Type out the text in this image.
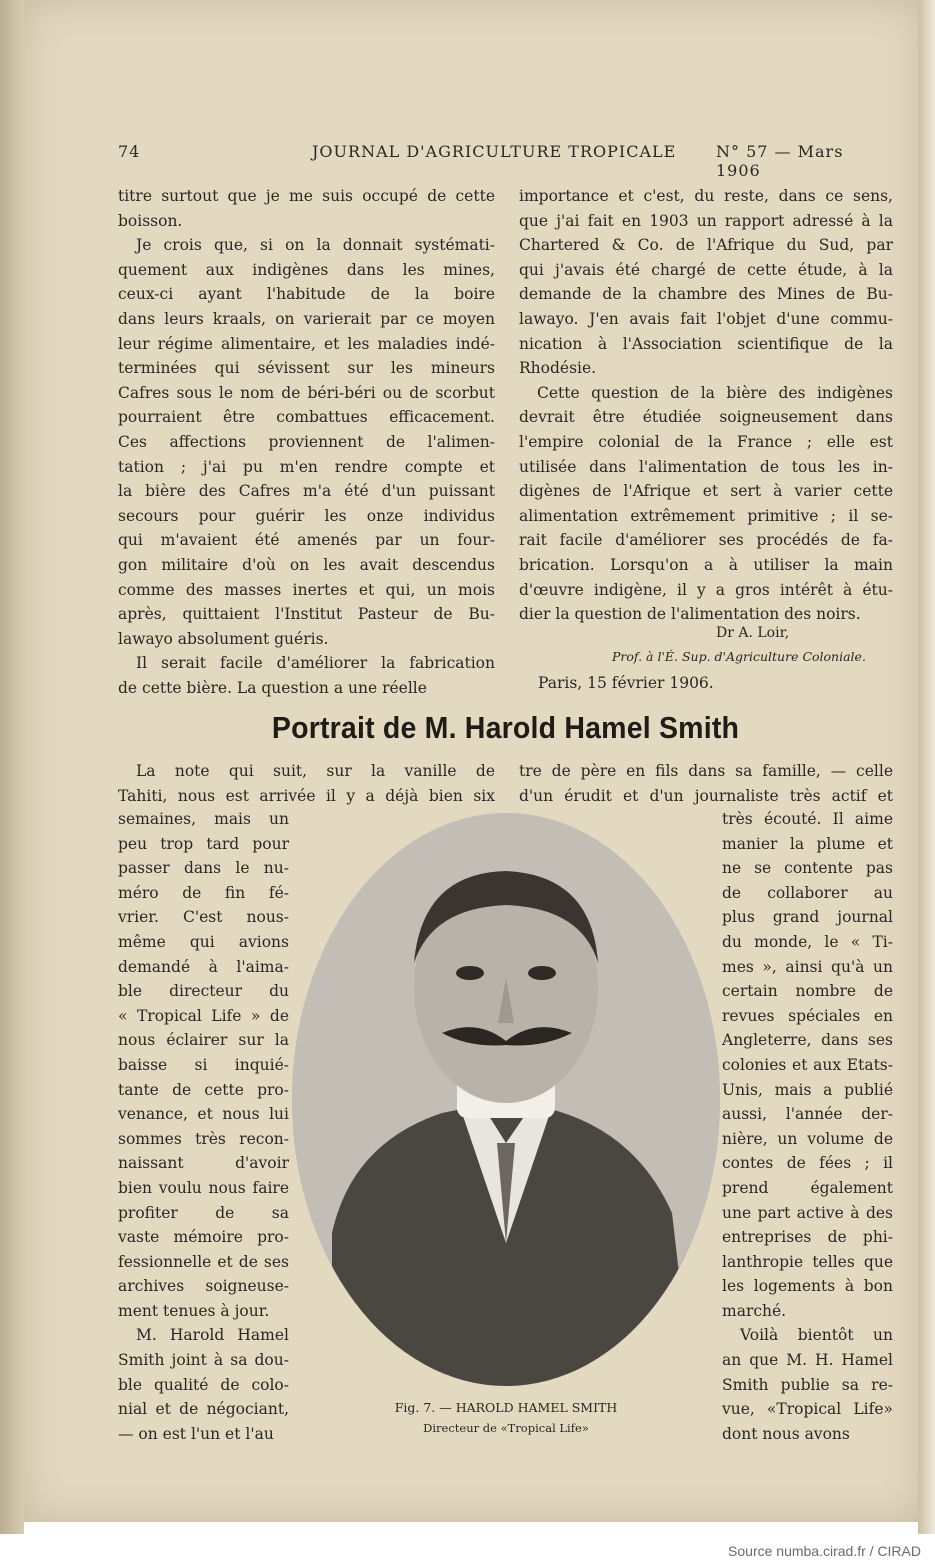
74	JOURNAL D'AGRICULTURE TROPICALE N° 57 — Mars 1906

titre surtout que je me suis occupé de cette

boisson.

Je crois que, si on la donnait systémati-

quement aux indigènes dans les mines,

ceux-ci ayant l'habitude de la boire

dans leurs kraals, on varierait par ce moyen

leur régime alimentaire, et les maladies indé-

terminées qui sévissent sur les mineurs

Cafres sous le nom de béri-béri ou de scorbut

pourraient être combattues efficacement.

Ces affections proviennent de l'alimen-

tation ; j'ai pu m'en rendre compte et

la bière des Cafres m'a été d'un puissant

secours pour guérir les onze individus

qui m'avaient été amenés par un four-

gon militaire d'où on les avait descendus

comme des masses inertes et qui, un mois

après, quittaient l'Institut Pasteur de Bu-

lawayo absolument guéris.

Il serait facile d'améliorer la fabrication

de cette bière. La question a une réelle

importance et c'est, du reste, dans ce sens,

que j'ai fait en 1903 un rapport adressé à la

Chartered & Co. de l'Afrique du Sud, par

qui j'avais été chargé de cette étude, à la

demande de la chambre des Mines de Bu-

lawayo. J'en avais fait l'objet d'une commu-

nication à l'Association scientifique de la

Rhodésie.

Cette question de la bière des indigènes

devrait être étudiée soigneusement dans

l'empire colonial de la France ; elle est

utilisée dans l'alimentation de tous les in-

digènes de l'Afrique et sert à varier cette

alimentation extrêmement primitive ; il se-

rait facile d'améliorer ses procédés de fa-

brication. Lorsqu'on a à utiliser la main

d'œuvre indigène, il y a gros intérêt à étu-

dier la question de l'alimentation des noirs.

Dr A. Loir,
Prof. à l'É. Sup. d'Agriculture Coloniale.
Paris, 15 février 1906.
Portrait de M. Harold Hamel Smith

La note qui suit, sur la vanille de

Tahiti, nous est arrivée il y a déjà bien six

semaines, mais un

peu trop tard pour

passer dans le nu-

méro de fin fé-

vrier. C'est nous-

même qui avions

demandé à l'aima-

ble directeur du

« Tropical Life » de

nous éclairer sur la

baisse si inquié-

tante de cette pro-

venance, et nous lui

sommes très recon-

naissant d'avoir

bien voulu nous faire

profiter de sa

vaste mémoire pro-

fessionnelle et de ses

archives soigneuse-

ment tenues à jour.

M. Harold Hamel

Smith joint à sa dou-

ble qualité de colo-

nial et de négociant,

— on est l'un et l'au

tre de père en fils dans sa famille, — celle

d'un érudit et d'un journaliste très actif et

très écouté. Il aime

manier la plume et

ne se contente pas

de collaborer au

plus grand journal

du monde, le « Ti-

mes », ainsi qu'à un

certain nombre de

revues spéciales en

Angleterre, dans ses

colonies et aux Etats-

Unis, mais a publié

aussi, l'année der-

nière, un volume de

contes de fées ; il

prend également

une part active à des

entreprises de phi-

lanthropie telles que

les logements à bon

marché.

Voilà bientôt un

an que M. H. Hamel

Smith publie sa re-

vue, «Tropical Life»

dont nous avons

Fig. 7. — HAROLD HAMEL SMITH
Directeur de «Tropical Life»
Source numba.cirad.fr / CIRAD
